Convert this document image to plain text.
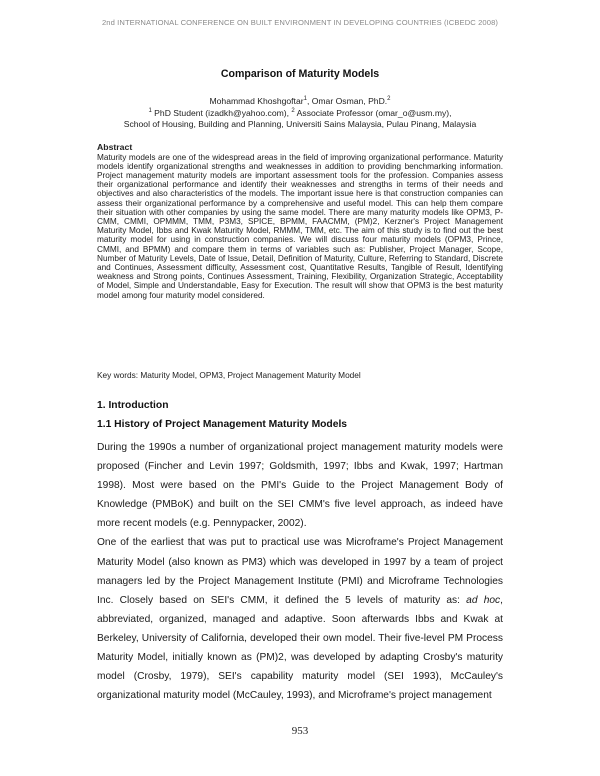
2nd INTERNATIONAL CONFERENCE ON BUILT ENVIRONMENT IN DEVELOPING COUNTRIES (ICBEDC 2008)
Comparison of Maturity Models
Mohammad Khoshgoftar$^1$, Omar Osman, PhD.$^2$
$^1$ PhD Student (izadkh@yahoo.com), $^2$ Associate Professor (omar_o@usm.my),
School of Housing, Building and Planning, Universiti Sains Malaysia, Pulau Pinang, Malaysia
Abstract

Maturity models are one of the widespread areas in the field of improving organizational performance. Maturity models identify organizational strengths and weaknesses in addition to providing benchmarking information. Project management maturity models are important assessment tools for the profession. Companies assess their organizational performance and identify their weaknesses and strengths in terms of their needs and objectives and also characteristics of the models. The important issue here is that construction companies can assess their organizational performance by a comprehensive and useful model. This can help them compare their situation with other companies by using the same model. There are many maturity models like OPM3, P-CMM, CMMI, OPMMM, TMM, P3M3, SPICE, BPMM, FAACMM, (PM)2, Kerzner's Project Management Maturity Model, Ibbs and Kwak Maturity Model, RMMM, TMM, etc. The aim of this study is to find out the best maturity model for using in construction companies. We will discuss four maturity models (OPM3, Prince, CMMI, and BPMM) and compare them in terms of variables such as: Publisher, Project Manager, Scope, Number of Maturity Levels, Date of Issue, Detail, Definition of Maturity, Culture, Referring to Standard, Discrete and Continues, Assessment difficulty, Assessment cost, Quantitative Results, Tangible of Result, Identifying weakness and Strong points, Continues Assessment, Training, Flexibility, Organization Strategic, Acceptability of Model, Simple and Understandable, Easy for Execution. The result will show that OPM3 is the best maturity model among four maturity model considered.

Key words: Maturity Model, OPM3, Project Management Maturity Model
1. Introduction
1.1 History of Project Management Maturity Models

During the 1990s a number of organizational project management maturity models were proposed (Fincher and Levin 1997; Goldsmith, 1997; Ibbs and Kwak, 1997; Hartman 1998). Most were based on the PMI's Guide to the Project Management Body of Knowledge (PMBoK) and built on the SEI CMM's five level approach, as indeed have more recent models (e.g. Pennypacker, 2002).

One of the earliest that was put to practical use was Microframe's Project Management Maturity Model (also known as PM3) which was developed in 1997 by a team of project managers led by the Project Management Institute (PMI) and Microframe Technologies Inc. Closely based on SEI's CMM, it defined the 5 levels of maturity as: ad hoc, abbreviated, organized, managed and adaptive. Soon afterwards Ibbs and Kwak at Berkeley, University of California, developed their own model. Their five-level PM Process Maturity Model, initially known as (PM)2, was developed by adapting Crosby's maturity model (Crosby, 1979), SEI's capability maturity model (SEI 1993), McCauley's organizational maturity model (McCauley, 1993), and Microframe's project management

953
